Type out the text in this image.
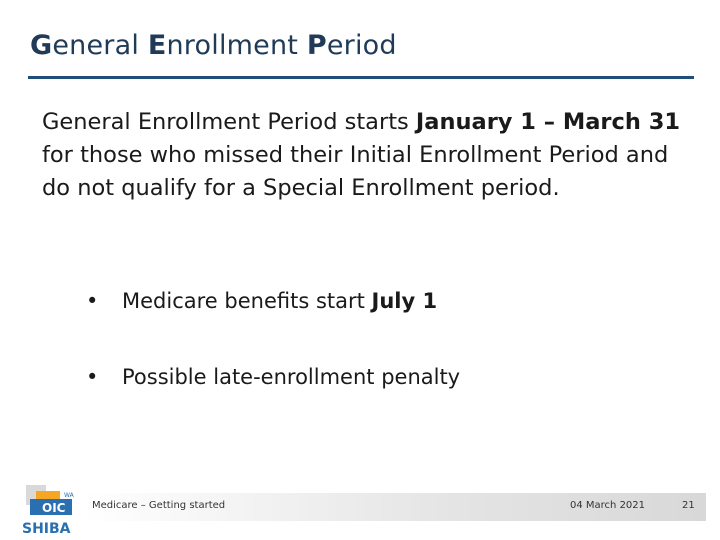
General Enrollment Period
General Enrollment Period starts January 1 – March 31 for those who missed their Initial Enrollment Period and do not qualify for a Special Enrollment period.
• Medicare benefits start July 1
• Possible late-enrollment penalty
WA
OIC
SHIBA
Medicare – Getting started	04 March 2021	21
